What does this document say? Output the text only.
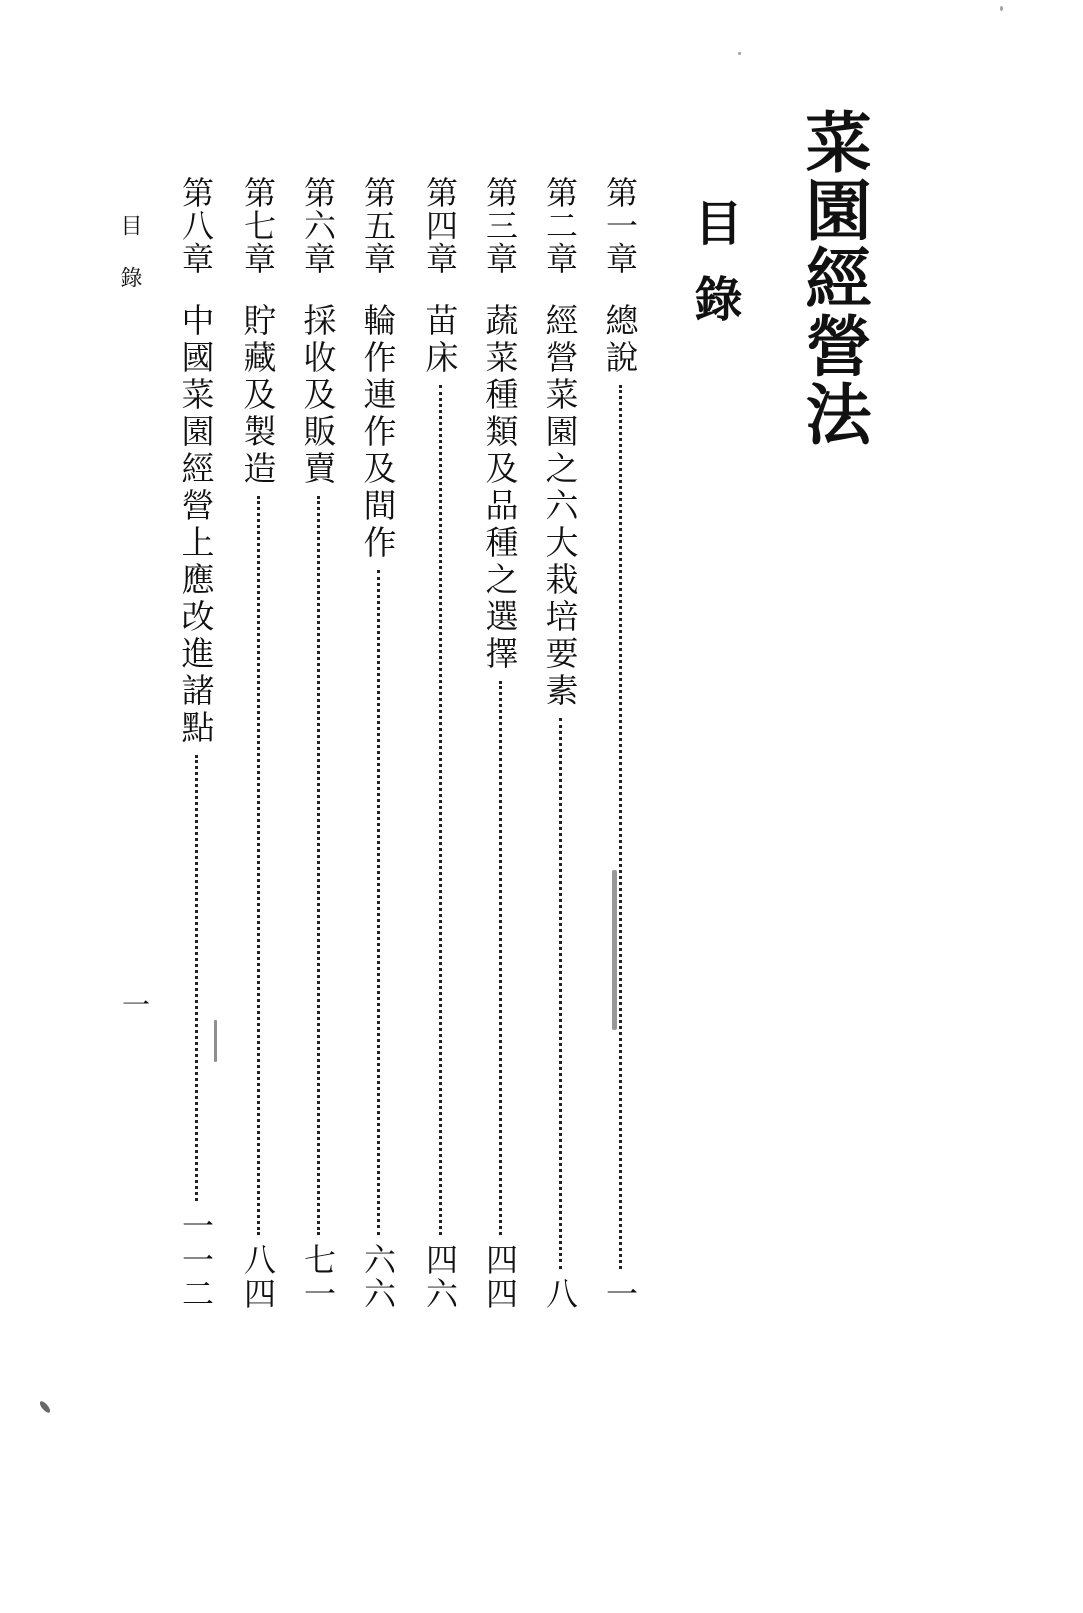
菜園經營法
目錄
第一章
總說
一
第二章
經營菜園之六大栽培要素
八
第三章
蔬菜種類及品種之選擇
四四
第四章
苗床
四六
第五章
輪作連作及間作
六六
第六章
採收及販賣
七一
第七章
貯藏及製造
八四
第八章
中國菜園經營上應改進諸點
一一二
目錄
一
